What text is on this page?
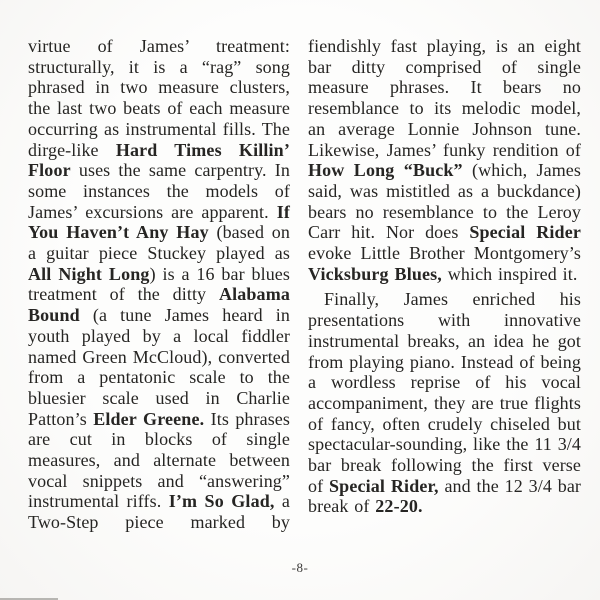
virtue of James’ treatment: structurally, it is a “rag” song phrased in two measure clusters, the last two beats of each measure occurring as instrumental fills. The dirge-like Hard Times Killin’ Floor uses the same carpentry. In some instances the models of James’ excursions are apparent. If You Haven’t Any Hay (based on a guitar piece Stuckey played as All Night Long) is a 16 bar blues treatment of the ditty Alabama Bound (a tune James heard in youth played by a local fiddler named Green McCloud), converted from a pentatonic scale to the bluesier scale used in Charlie Patton’s Elder Greene. Its phrases are cut in blocks of single measures, and alternate between vocal snippets and “answering” instrumental riffs. I’m So Glad, a Two-Step piece marked by

fiendishly fast playing, is an eight bar ditty comprised of single measure phrases. It bears no resemblance to its melodic model, an average Lonnie Johnson tune. Likewise, James’ funky rendition of How Long “Buck” (which, James said, was mistitled as a buckdance) bears no resemblance to the Leroy Carr hit. Nor does Special Rider evoke Little Brother Montgomery’s Vicksburg Blues, which inspired it.

Finally, James enriched his presentations with innovative instrumental breaks, an idea he got from playing piano. Instead of being a wordless reprise of his vocal accompaniment, they are true flights of fancy, often crudely chiseled but spectacular-sounding, like the 11 3/4 bar break following the first verse of Special Rider, and the 12 3/4 bar break of 22-20.

-8-
